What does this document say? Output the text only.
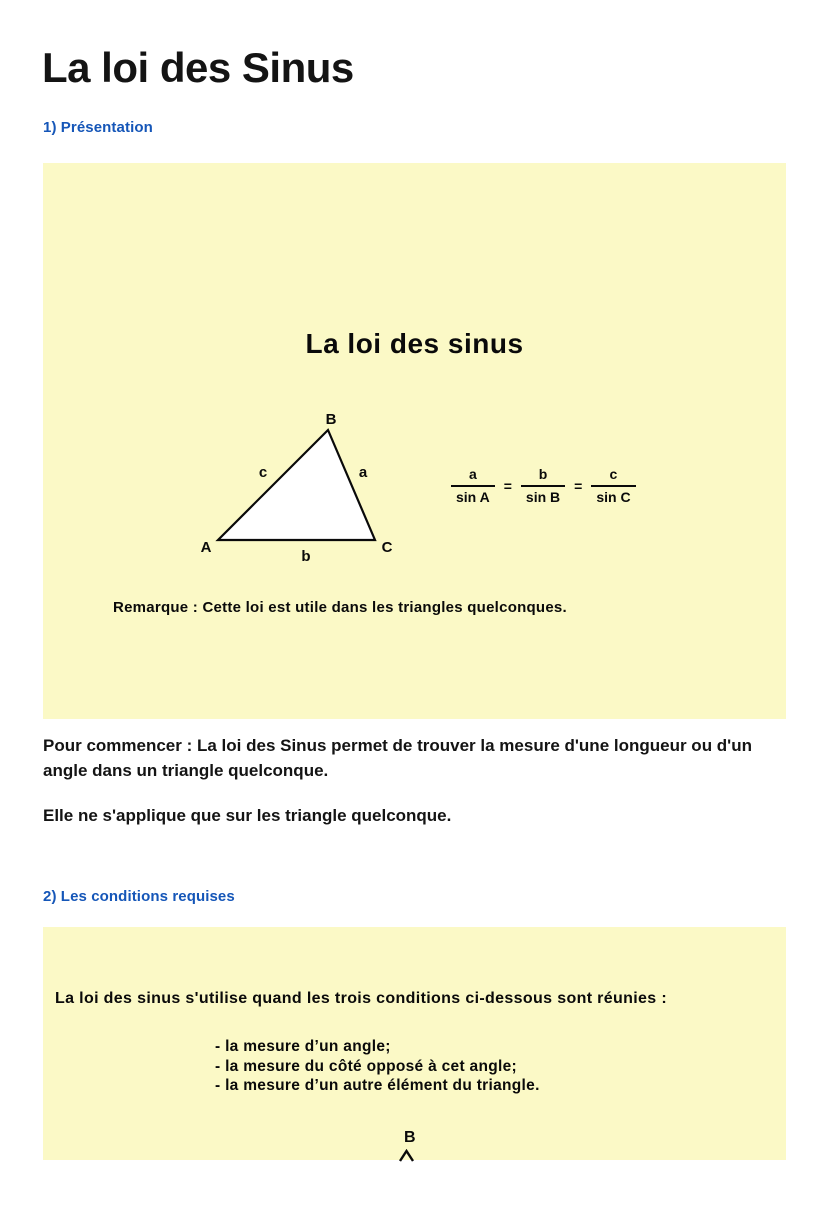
La loi des Sinus
1) Présentation
La loi des sinus
B
A	C
c	a
b
$\frac{a}{\text{sin A}} = \frac{b}{\text{sin B}} = \frac{c}{\text{sin C}}$
Remarque : Cette loi est utile dans les triangles quelconques.

Pour commencer : La loi des Sinus permet de trouver la mesure d'une longueur ou d'un angle dans un triangle quelconque.

Elle ne s'applique que sur les triangle quelconque.

2) Les conditions requises
La loi des sinus s'utilise quand les trois conditions ci-dessous sont réunies :
- la mesure d’un angle;
- la mesure du côté opposé à cet angle;
- la mesure d’un autre élément du triangle.
B
